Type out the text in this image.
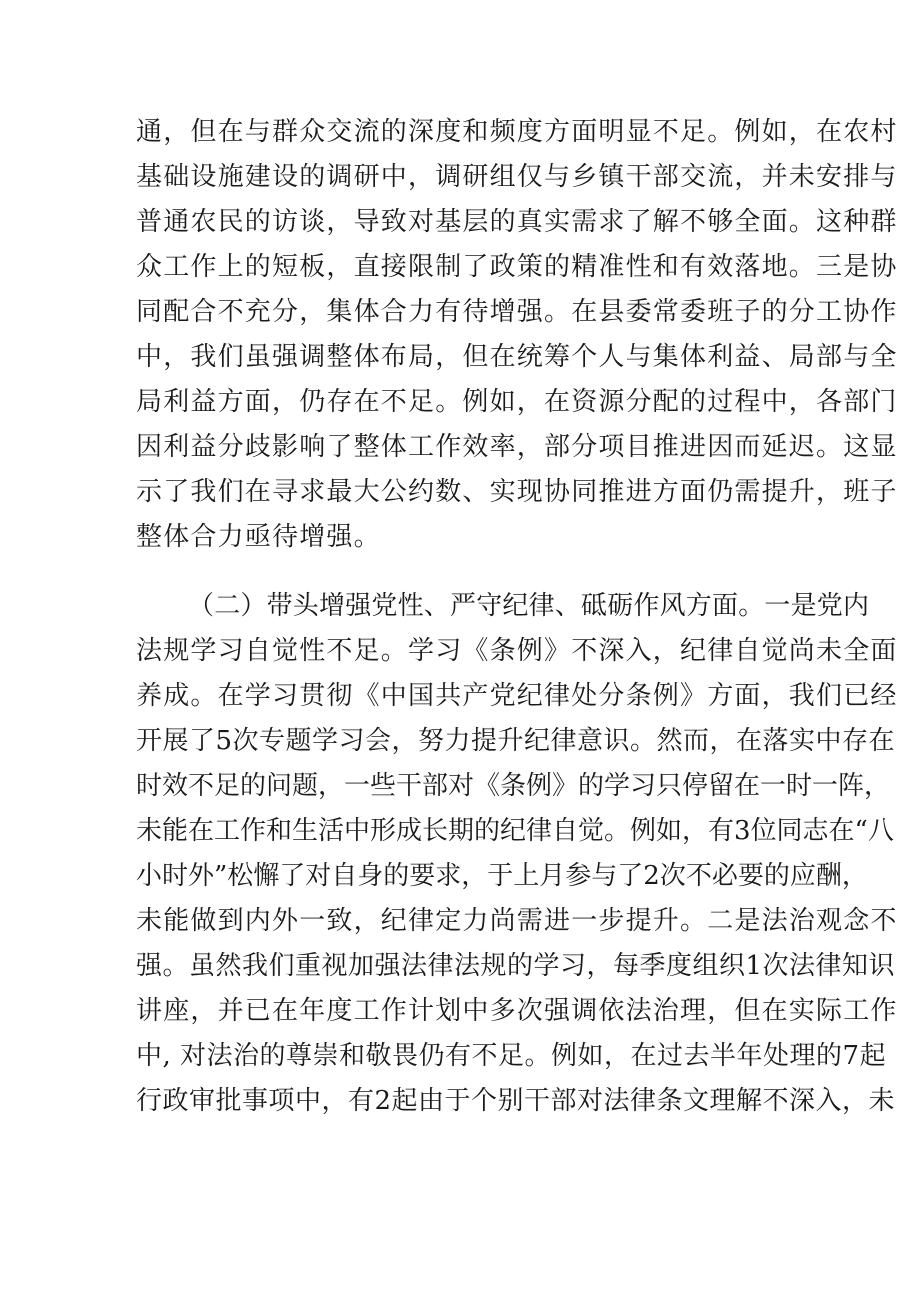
通，但在与群众交流的深度和频度方面明显不足。例如，在农村
基础设施建设的调研中，调研组仅与乡镇干部交流，并未安排与
普通农民的访谈，导致对基层的真实需求了解不够全面。这种群
众工作上的短板，直接限制了政策的精准性和有效落地。三是协
同配合不充分，集体合力有待增强。在县委常委班子的分工协作
中，我们虽强调整体布局，但在统筹个人与集体利益、局部与全
局利益方面，仍存在不足。例如，在资源分配的过程中，各部门
因利益分歧影响了整体工作效率，部分项目推进因而延迟。这显
示了我们在寻求最大公约数、实现协同推进方面仍需提升，班子
整体合力亟待增强。
（二）带头增强党性、严守纪律、砥砺作风方面。一是党内
法规学习自觉性不足。学习《条例》不深入，纪律自觉尚未全面
养成。在学习贯彻《中国共产党纪律处分条例》方面，我们已经
开展了5次专题学习会，努力提升纪律意识。然而，在落实中存在
时效不足的问题，一些干部对《条例》的学习只停留在一时一阵，
未能在工作和生活中形成长期的纪律自觉。例如，有3位同志在“八
小时外”松懈了对自身的要求，于上月参与了2次不必要的应酬，
未能做到内外一致，纪律定力尚需进一步提升。二是法治观念不
强。虽然我们重视加强法律法规的学习，每季度组织1次法律知识
讲座，并已在年度工作计划中多次强调依法治理，但在实际工作
中, 对法治的尊崇和敬畏仍有不足。例如，在过去半年处理的7起
行政审批事项中，有2起由于个别干部对法律条文理解不深入，未
